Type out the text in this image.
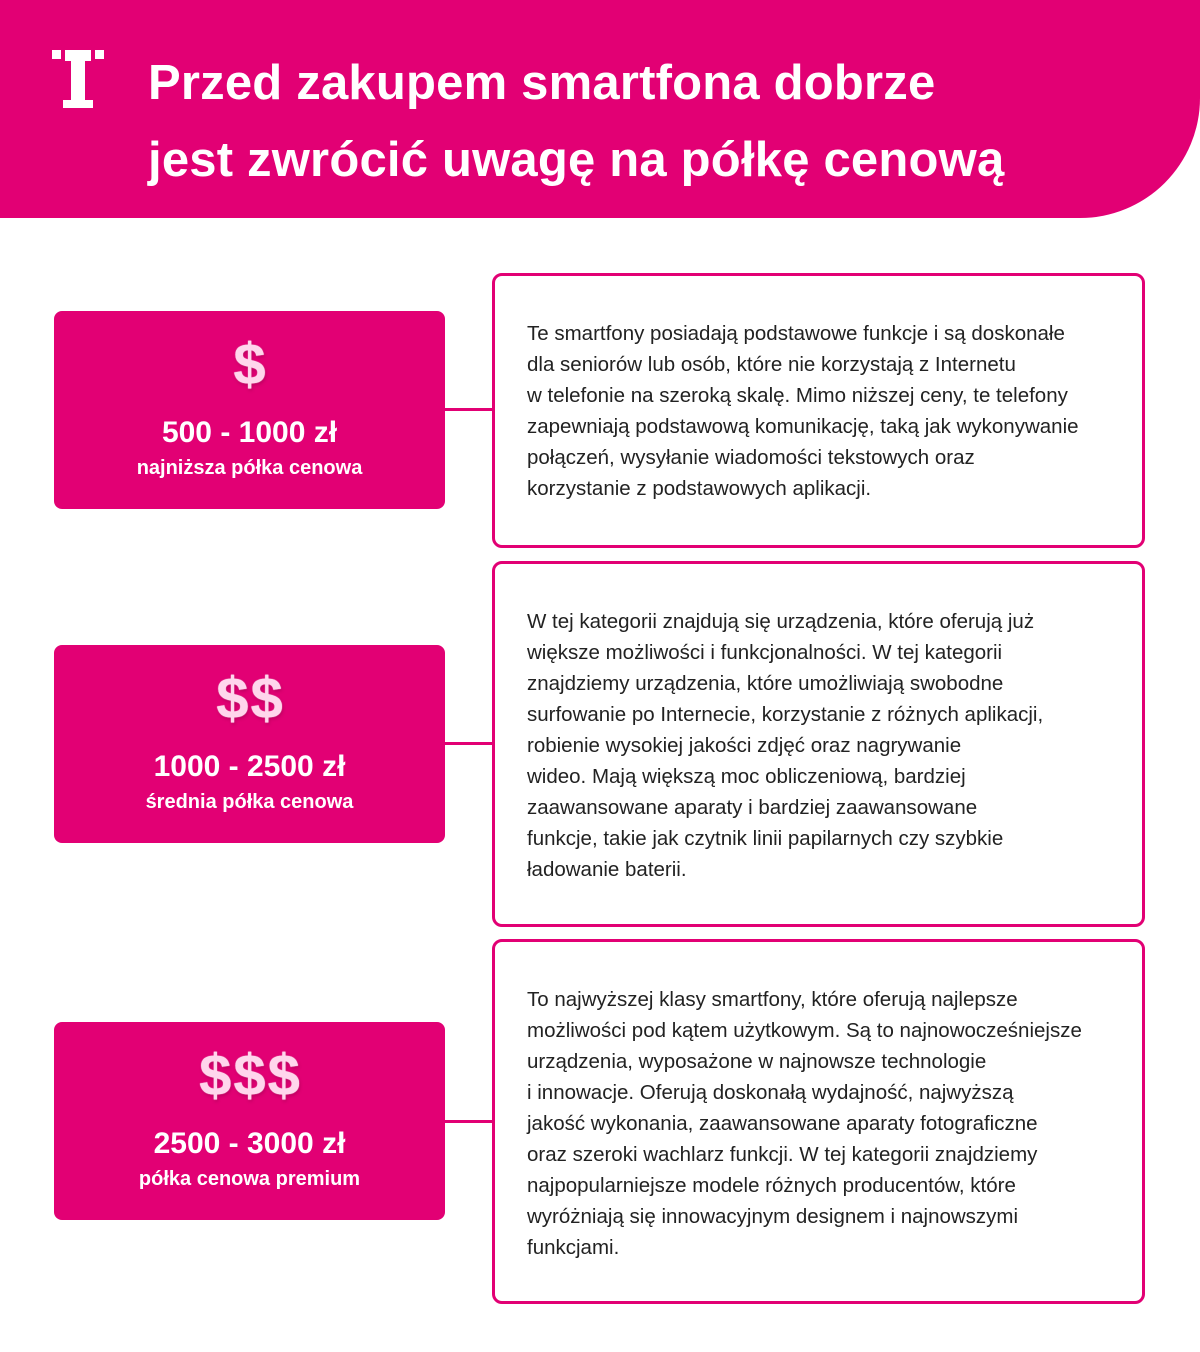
Przed zakupem smartfona dobrze
jest zwrócić uwagę na półkę cenową
$
500 - 1000 zł
najniższa półka cenowa
Te smartfony posiadają podstawowe funkcje i są doskonałe
dla seniorów lub osób, które nie korzystają z Internetu
w telefonie na szeroką skalę. Mimo niższej ceny, te telefony
zapewniają podstawową komunikację, taką jak wykonywanie
połączeń, wysyłanie wiadomości tekstowych oraz
korzystanie z podstawowych aplikacji.
$ $
1000 - 2500 zł
średnia półka cenowa
W tej kategorii znajdują się urządzenia, które oferują już
większe możliwości i funkcjonalności. W tej kategorii
znajdziemy urządzenia, które umożliwiają swobodne
surfowanie po Internecie, korzystanie z różnych aplikacji,
robienie wysokiej jakości zdjęć oraz nagrywanie
wideo. Mają większą moc obliczeniową, bardziej
zaawansowane aparaty i bardziej zaawansowane
funkcje, takie jak czytnik linii papilarnych czy szybkie
ładowanie baterii.
$ $ $
2500 - 3000 zł
półka cenowa premium
To najwyższej klasy smartfony, które oferują najlepsze
możliwości pod kątem użytkowym. Są to najnowocześniejsze
urządzenia, wyposażone w najnowsze technologie
i innowacje. Oferują doskonałą wydajność, najwyższą
jakość wykonania, zaawansowane aparaty fotograficzne
oraz szeroki wachlarz funkcji. W tej kategorii znajdziemy
najpopularniejsze modele różnych producentów, które
wyróżniają się innowacyjnym designem i najnowszymi
funkcjami.
